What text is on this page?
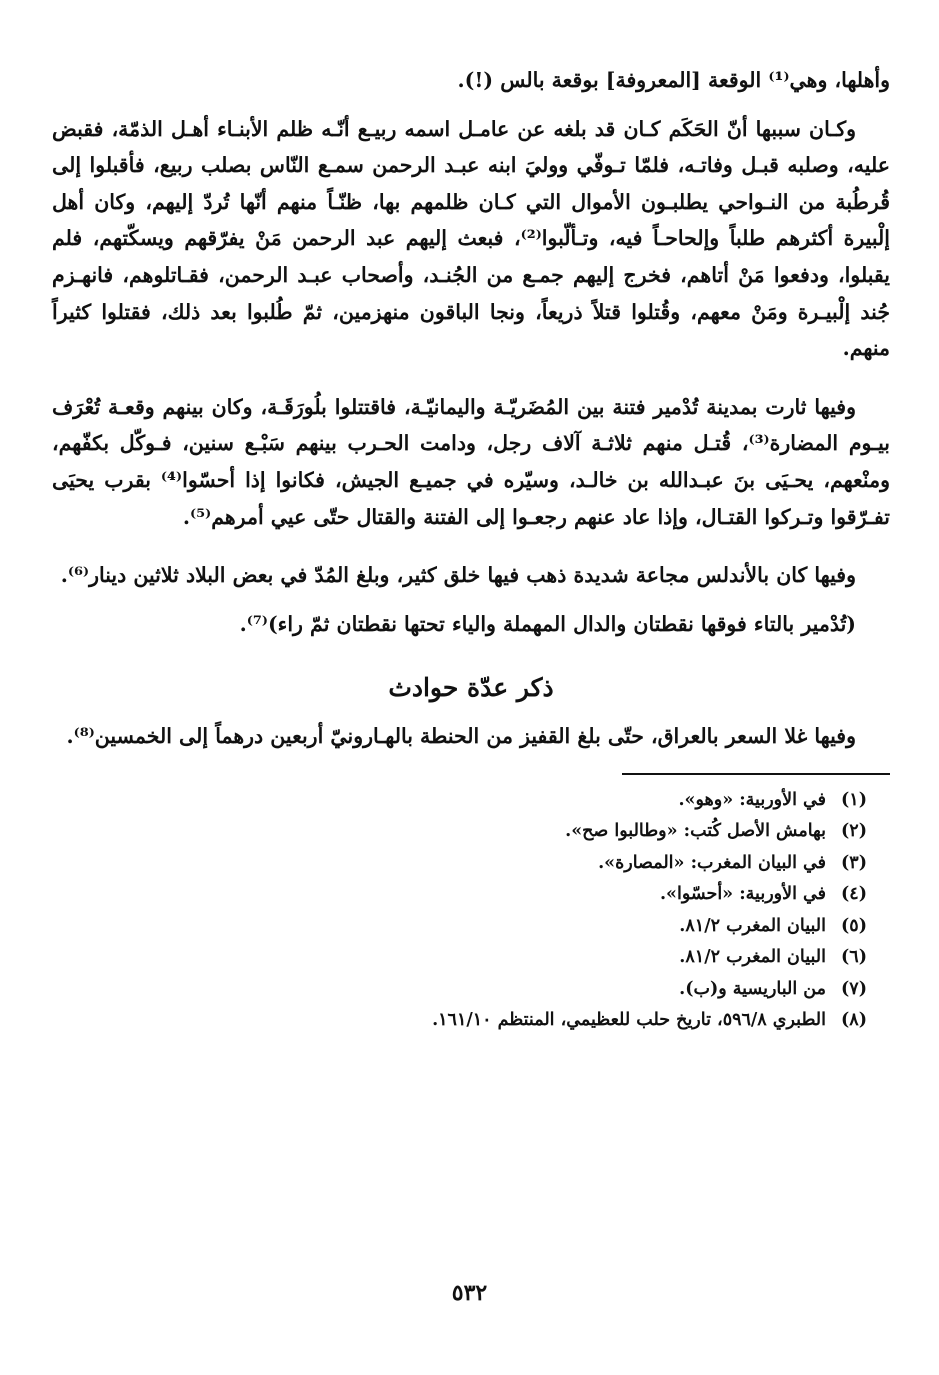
وأهلها، وهي⁽¹⁾ الوقعة [المعروفة] بوقعة بالس (!).

وكـان سببها أنّ الحَكَم كـان قد بلغه عن عامـل اسمه ربيـع أنّـه ظلم الأبنـاء أهـل الذمّة، فقبض عليه، وصلبه قبـل وفاتـه، فلمّا تـوفّي ووليَ ابنه عبـد الرحمن سمـع النّاس بصلب ربيع، فأقبلوا إلى قُرطُبة من النـواحي يطلبـون الأموال التي كـان ظلمهم بها، ظنّـاً منهم أنّها تُردّ إليهم، وكان أهل إلْبيرة أكثرهم طلباً وإلحاحـاً فيه، وتـألّبوا⁽²⁾، فبعث إليهم عبد الرحمن مَنْ يفرّقهم ويسكّتهم، فلم يقبلوا، ودفعوا مَنْ أتاهم، فخرج إليهم جمـع من الجُنـد، وأصحاب عبـد الرحمن، فقـاتلوهم، فانهـزم جُند إلْبيـرة ومَنْ معهم، وقُتلوا قتلاً ذريعاً، ونجا الباقون منهزمين، ثمّ طُلبوا بعد ذلك، فقتلوا كثيراً منهم.

وفيها ثارت بمدينة تُدْمير فتنة بين المُضَريّـة واليمانيّـة، فاقتتلوا بلُورَقَـة، وكان بينهم وقعـة تُعْرَف بيـوم المضارة⁽³⁾، قُتـل منهم ثلاثـة آلاف رجل، ودامت الحـرب بينهم سَبْـع سنين، فـوكّل بكفّهم، ومنْعهم، يحـيَى بنَ عبـدالله بن خالـد، وسيّره في جميـع الجيش، فكانوا إذا أحسّوا⁽⁴⁾ بقرب يحيَى تفـرّقوا وتـركوا القتـال، وإذا عاد عنهم رجعـوا إلى الفتنة والقتال حتّى عيي أمرهم⁽⁵⁾.

وفيها كان بالأندلس مجاعة شديدة ذهب فيها خلق كثير، وبلغ المُدّ في بعض البلاد ثلاثين دينار⁽⁶⁾.

(تُدْمير بالتاء فوقها نقطتان والدال المهملة والياء تحتها نقطتان ثمّ راء)⁽⁷⁾.

ذكر عدّة حوادث

وفيها غلا السعر بالعراق، حتّى بلغ القفيز من الحنطة بالهـارونيّ أربعين درهماً إلى الخمسين⁽⁸⁾.

(١)
في الأوربية: «وهو».
(٢)
بهامش الأصل كُتب: «وطالبوا صح».
(٣)
في البيان المغرب: «المصارة».
(٤)
في الأوربية: «أحسّوا».
(٥)
البيان المغرب ٨١/٢.
(٦)
البيان المغرب ٨١/٢.
(٧)
من الباريسية و(ب).
(٨)
الطبري ٥٩٦/٨، تاريخ حلب للعظيمي، المنتظم ١٦١/١٠.
٥٣٢
